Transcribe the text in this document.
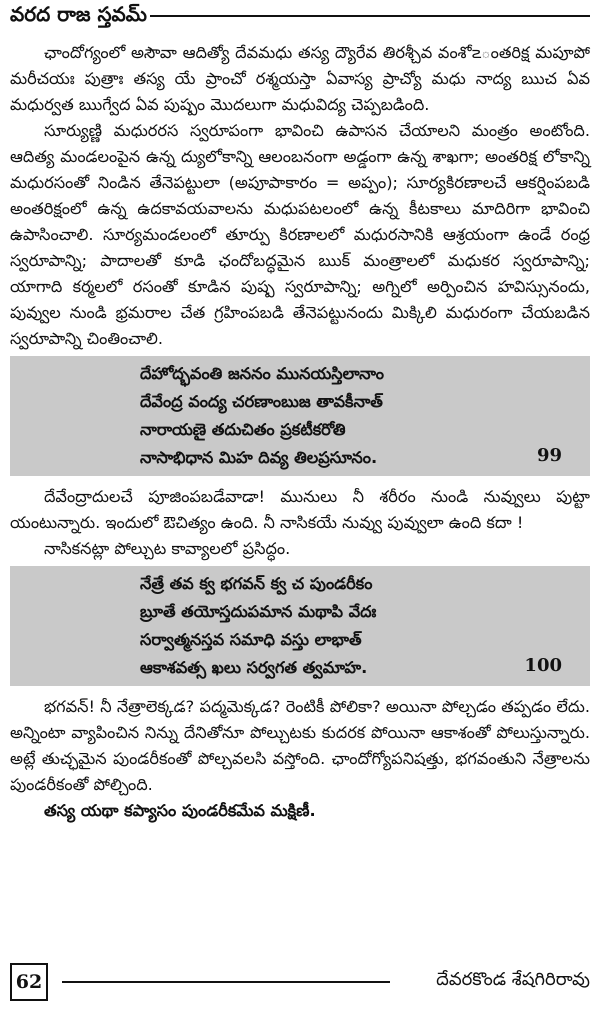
వరద రాజ స్తవమ్

ఛాందోగ్యంలో అసౌవా ఆదిత్యో దేవమధు తస్య ద్యౌరేవ తిరశ్చీవ వంశో౽ంతరిక్ష మపూపో మరీచయః పుత్రాః తస్య యే ప్రాంచో రశ్మయస్తా ఏవాస్య ప్రాచ్యో మధు నాద్య ఋచ ఏవ మధుర్వత ఋగ్వేద ఏవ పుష్పం మొదలుగా మధువిద్య చెప్పబడింది.

సూర్యుణ్ణి మధురరస స్వరూపంగా భావించి ఉపాసన చేయాలని మంత్రం అంటోంది. ఆదిత్య మండలంపైన ఉన్న ద్యులోకాన్ని ఆలంబనంగా అడ్డంగా ఉన్న శాఖగా; అంతరిక్ష లోకాన్ని మధురసంతో నిండిన తేనెపట్టులా (అపూపాకారం = అప్పం); సూర్యకిరణాలచే ఆకర్షింపబడి అంతరిక్షంలో ఉన్న ఉదకావయవాలను మధుపటలంలో ఉన్న కీటకాలు మాదిరిగా భావించి ఉపాసించాలి. సూర్యమండలంలో తూర్పు కిరణాలలో మధురసానికి ఆశ్రయంగా ఉండే రంధ్ర స్వరూపాన్ని; పాదాలతో కూడి ఛందోబద్ధమైన ఋక్ మంత్రాలలో మధుకర స్వరూపాన్ని; యాగాది కర్మలలో రసంతో కూడిన పుష్ప స్వరూపాన్ని; అగ్నిలో అర్పించిన హవిస్సునందు, పువ్వుల నుండి భ్రమరాల చేత గ్రహింపబడి తేనెపట్టునందు మిక్కిలి మధురంగా చేయబడిన స్వరూపాన్ని చింతించాలి.

దేహోద్భవంతి జననం మునయస్తిలానాం
దేవేంద్ర వంద్య చరణాంబుజ తావకీనాత్
నారాయణై తదుచితం ప్రకటీకరోతి
నాసాభిధాన మిహ దివ్య తిలప్రసూనం.	99

దేవేంద్రాదులచే పూజింపబడేవాడా! మునులు నీ శరీరం నుండి నువ్వులు పుట్టా యంటున్నారు. ఇందులో ఔచిత్యం ఉంది. నీ నాసికయే నువ్వు పువ్వులా ఉంది కదా !

నాసికనట్లా పోల్చుట కావ్యాలలో ప్రసిద్ధం.

నేత్రే తవ క్వ భగవన్ క్వ చ పుండరీకం
బ్రూతే తయోస్తదుపమాన మథాపి వేదః
సర్వాత్మనస్తవ సమాధి వస్తు లాభాత్
ఆకాశవత్స ఖలు సర్వగత త్వమాహ.	100

భగవన్! నీ నేత్రాలెక్కడ? పద్మమెక్కడ? రెంటికీ పోలికా? అయినా పోల్చడం తప్పడం లేదు. అన్నింటా వ్యాపించిన నిన్ను దేనితోనూ పోల్చుటకు కుదరక పోయినా ఆకాశంతో పోలుస్తున్నారు. అట్లే తుచ్ఛమైన పుండరీకంతో పోల్చవలసి వస్తోంది. ఛాందోగ్యోపనిషత్తు, భగవంతుని నేత్రాలను పుండరీకంతో పోల్చింది.

తస్య యథా కప్యాసం పుండరీకమేవ మక్షిణీ.

62	దేవరకొండ శేషగిరిరావు
